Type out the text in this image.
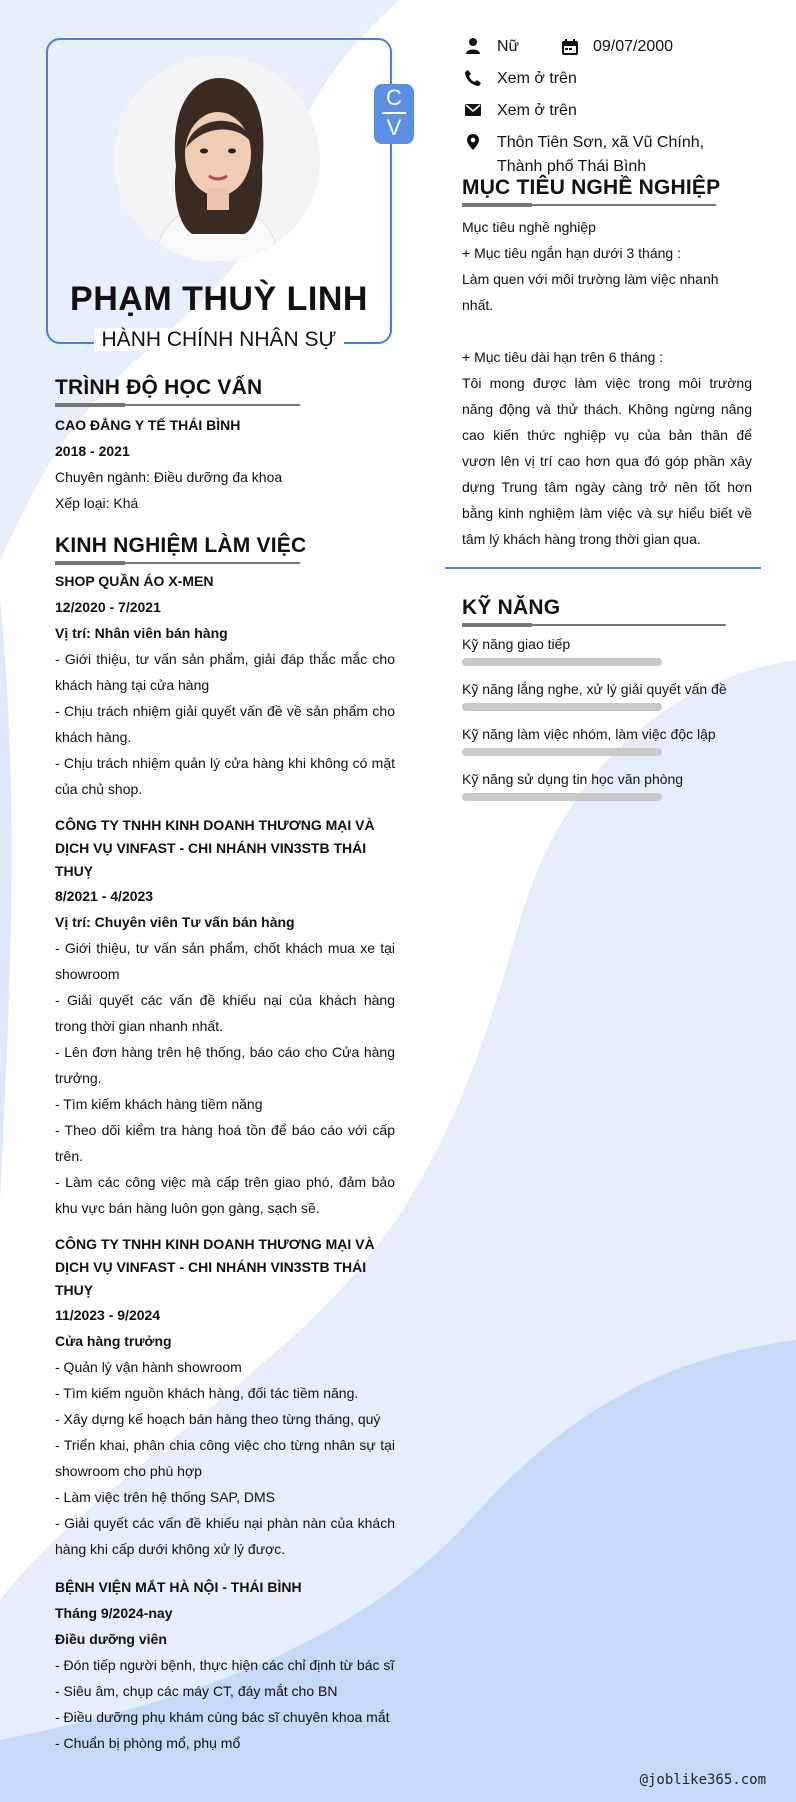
C
V
PHẠM THUỲ LINH
HÀNH CHÍNH NHÂN SỰ
Nữ	09/07/2000
Xem ở trên
Xem ở trên
Thôn Tiên Sơn, xã Vũ Chính,
Thành phố Thái Bình
MỤC TIÊU NGHỀ NGHIỆP
Mục tiêu nghề nghiệp
+ Mục tiêu ngắn hạn dưới 3 tháng :
Làm quen với môi trường làm việc nhanh nhất.
+ Mục tiêu dài hạn trên 6 tháng :
Tôi mong được làm việc trong môi trường năng động và thử thách. Không ngừng nâng cao kiến thức nghiệp vụ của bản thân để vươn lên vị trí cao hơn qua đó góp phần xây dựng Trung tâm ngày càng trở nên tốt hơn bằng kinh nghiệm làm việc và sự hiểu biết về tâm lý khách hàng trong thời gian qua.
KỸ NĂNG
Kỹ năng giao tiếp
Kỹ năng lắng nghe, xử lý giải quyết vấn đề
Kỹ năng làm việc nhóm, làm việc độc lập
Kỹ năng sử dụng tin học văn phòng
TRÌNH ĐỘ HỌC VẤN
CAO ĐẲNG Y TẾ THÁI BÌNH
2018 - 2021
Chuyên ngành: Điều dưỡng đa khoa
Xếp loại: Khá
KINH NGHIỆM LÀM VIỆC
SHOP QUẦN ÁO X-MEN
12/2020 - 7/2021
Vị trí: Nhân viên bán hàng
- Giới thiệu, tư vấn sản phẩm, giải đáp thắc mắc cho khách hàng tại cửa hàng
- Chịu trách nhiệm giải quyết vấn đề về sản phẩm cho khách hàng.
- Chịu trách nhiệm quản lý cửa hàng khi không có mặt của chủ shop.
CÔNG TY TNHH KINH DOANH THƯƠNG MẠI VÀ DỊCH VỤ VINFAST - CHI NHÁNH VIN3STB THÁI THUỴ
8/2021 - 4/2023
Vị trí: Chuyên viên Tư vấn bán hàng
- Giới thiệu, tư vấn sản phẩm, chốt khách mua xe tại showroom
- Giải quyết các vấn đề khiếu nại của khách hàng trong thời gian nhanh nhất.
- Lên đơn hàng trên hệ thống, báo cáo cho Cửa hàng trưởng.
- Tìm kiếm khách hàng tiềm năng
- Theo dõi kiểm tra hàng hoá tồn để báo cáo với cấp trên.
- Làm các công việc mà cấp trên giao phó, đảm bảo khu vực bán hàng luôn gọn gàng, sạch sẽ.
CÔNG TY TNHH KINH DOANH THƯƠNG MẠI VÀ DỊCH VỤ VINFAST - CHI NHÁNH VIN3STB THÁI THUỴ
11/2023 - 9/2024
Cửa hàng trưởng
- Quản lý vận hành showroom
- Tìm kiếm nguồn khách hàng, đối tác tiềm năng.
- Xây dựng kế hoạch bán hàng theo từng tháng, quý
- Triển khai, phân chia công việc cho từng nhân sự tại showroom cho phù hợp
- Làm việc trên hệ thống SAP, DMS
- Giải quyết các vấn đề khiếu nại phàn nàn của khách hàng khi cấp dưới không xử lý được.
BỆNH VIỆN MẮT HÀ NỘI - THÁI BÌNH
Tháng 9/2024-nay
Điều dưỡng viên
- Đón tiếp người bệnh, thực hiện các chỉ định từ bác sĩ
- Siêu âm, chụp các máy CT, đáy mắt cho BN
- Điều dưỡng phụ khám cùng bác sĩ chuyên khoa mắt
- Chuẩn bị phòng mổ, phụ mổ
@joblike365.com
